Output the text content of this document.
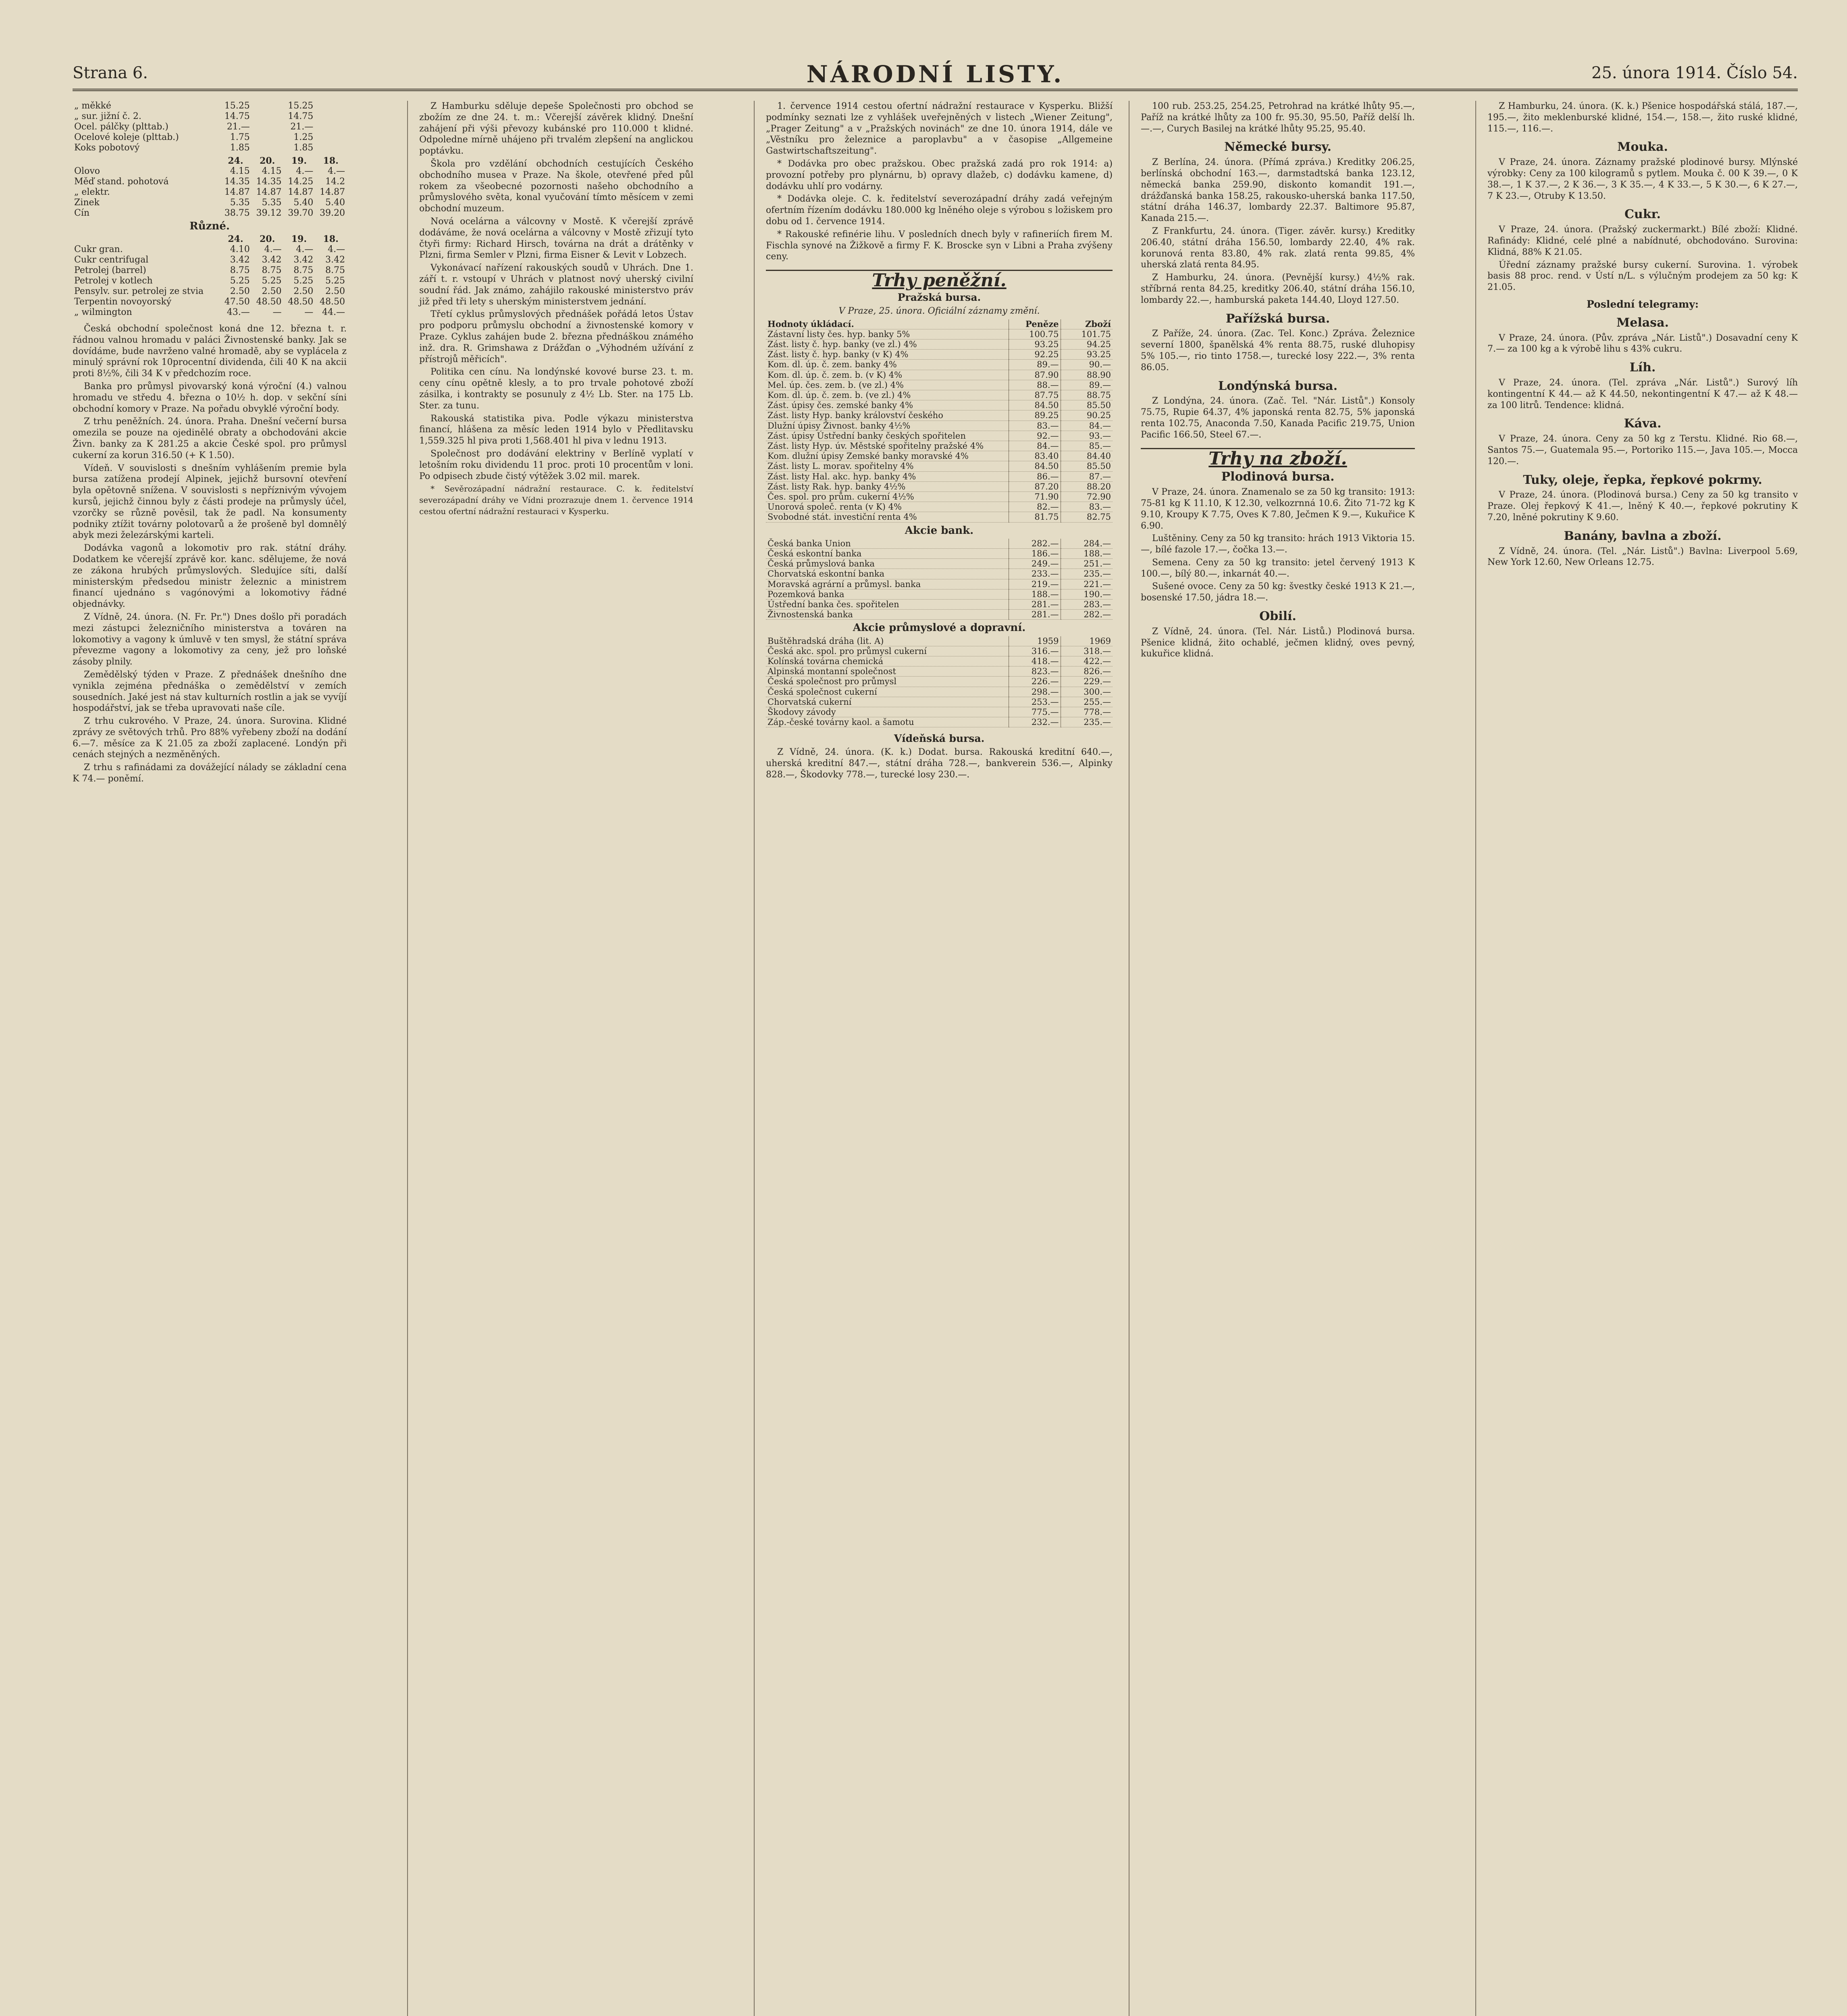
Strana 6.	NÁRODNÍ LISTY.	25. února 1914. Číslo 54.
„ měkké	15.25		15.25	
„ sur. jižní č. 2.	14.75		14.75	
Ocel. pálčky (plttab.)	21.—		21.—	
Ocelové koleje (plttab.)	1.75		1.25	
Koks pobotový	1.85		1.85	
	24.	20.	19.	18.
Olovo	4.15	4.15	4.—	4.—
Měď stand. pohotová	14.35	14.35	14.25	14.2
„ elektr.	14.87	14.87	14.87	14.87
Zinek	5.35	5.35	5.40	5.40
Cín	38.75	39.12	39.70	39.20
Různé.				
	24.	20.	19.	18.
Cukr gran.	4.10	4.—	4.—	4.—
Cukr centrifugal	3.42	3.42	3.42	3.42
Petrolej (barrel)	8.75	8.75	8.75	8.75
Petrolej v kotlech	5.25	5.25	5.25	5.25
Pensylv. sur. petrolej ze stvia	2.50	2.50	2.50	2.50
Terpentin novoyorský	47.50	48.50	48.50	48.50
„ wilmington	43.—	—	—	44.—

Česká obchodní společnost koná dne 12. března t. r. řádnou valnou hromadu v paláci Živnostenské banky. Jak se dovídáme, bude navrženo valné hromadě, aby se vyplácela z minulý správní rok 10procentní dividenda, čili 40 K na akcii proti 8½%, čili 34 K v předchozím roce.

Banka pro průmysl pivovarský koná výroční (4.) valnou hromadu ve středu 4. března o 10½ h. dop. v sekční síni obchodní komory v Praze. Na pořadu obvyklé výroční body.

Z trhu peněžních. 24. února. Praha. Dnešní večerní bursa omezila se pouze na ojedinělé obraty a obchodováni akcie Živn. banky za K 281.25 a akcie České spol. pro průmysl cukerní za korun 316.50 (+ K 1.50).

Vídeň. V souvislosti s dnešním vyhlášením premie byla bursa zatížena prodejí Alpinek, jejichž bursovní otevření byla opětovně snížena. V souvislosti s nepříznivým vývojem kursů, jejichž činnou byly z části prodeje na průmysly účel, vzorčky se různě pověsil, tak že padl. Na konsumenty podniky ztížit továrny polotovarů a že prošeně byl domnělý abyk mezi železárskými karteli.

Dodávka vagonů a lokomotiv pro rak. státní dráhy. Dodatkem ke včerejší zprávě kor. kanc. sdělujeme, že nová ze zákona hrubých průmyslových. Sledujíce síti, další ministerským předsedou ministr železnic a ministrem financí ujednáno s vagónovými a lokomotivy řádné objednávky.

Z Vídně, 24. února. (N. Fr. Pr.") Dnes došlo při poradách mezi zástupci železničního ministerstva a továren na lokomotivy a vagony k úmluvě v ten smysl, že státní správa převezme vagony a lokomotivy za ceny, jež pro loňské zásoby plnily.

Zemědělský týden v Praze. Z přednášek dnešního dne vynikla zejména přednáška o zemědělství v zemích sousedních. Jaké jest ná stav kulturních rostlin a jak se vyvíjí hospodářství, jak se třeba upravovati naše cíle.

Z trhu cukrového. V Praze, 24. února. Surovina. Klidné zprávy ze světových trhů. Pro 88% vyřebeny zboží na dodání 6.—7. měsíce za K 21.05 za zboží zaplacené. Londýn při cenách stejných a nezměněných.

Z trhu s rafinádami za dovážející nálady se základní cena K 74.— poněmí.

Z Hamburku sděluje depeše Společnosti pro obchod se zbožím ze dne 24. t. m.: Včerejší závěrek klidný. Dnešní zahájení při výši převozy kubánské pro 110.000 t klidné. Odpoledne mírně uhájeno při trvalém zlepšení na anglickou poptávku.

Škola pro vzdělání obchodních cestujících Českého obchodního musea v Praze. Na škole, otevřené před půl rokem za všeobecné pozornosti našeho obchodního a průmyslového světa, konal vyučování tímto měsícem v zemi obchodní muzeum.

Nová ocelárna a válcovny v Mostě. K včerejší zprávě dodáváme, že nová ocelárna a válcovny v Mostě zřizují tyto čtyři firmy: Richard Hirsch, továrna na drát a drátěnky v Plzni, firma Semler v Plzni, firma Eisner & Levit v Lobzech.

Vykonávací nařízení rakouských soudů v Uhrách. Dne 1. září t. r. vstoupí v Uhrách v platnost nový uherský civilní soudní řád. Jak známo, zahájilo rakouské ministerstvo práv již před tři lety s uherským ministerstvem jednání.

Třetí cyklus průmyslových přednášek pořádá letos Ústav pro podporu průmyslu obchodní a živnostenské komory v Praze. Cyklus zahájen bude 2. března přednáškou známého inž. dra. R. Grimshawa z Drážďan o „Výhodném užívání z přístrojů měřicích".

Politika cen cínu. Na londýnské kovové burse 23. t. m. ceny cínu opětně klesly, a to pro trvale pohotové zboží zásilka, i kontrakty se posunuly z 4½ Lb. Ster. na 175 Lb. Ster. za tunu.

Rakouská statistika piva. Podle výkazu ministerstva financí, hlášena za měsíc leden 1914 bylo v Předlitavsku 1,559.325 hl piva proti 1,568.401 hl piva v lednu 1913.

Společnost pro dodávání elektriny v Berlíně vyplatí v letošním roku dividendu 11 proc. proti 10 procentům v loni. Po odpisech zbude čistý výtěžek 3.02 mil. marek.

* Sevěrozápadní nádražní restaurace. C. k. ředitelství severozápadní dráhy ve Vídni prozrazuje dnem 1. července 1914 cestou ofertní nádražní restauraci v Kysperku.

1. července 1914 cestou ofertní nádražní restaurace v Kysperku. Bližší podmínky seznati lze z vyhlášek uveřejněných v listech „Wiener Zeitung", „Prager Zeitung" a v „Pražských novinách" ze dne 10. února 1914, dále ve „Věstníku pro železnice a paroplavbu" a v časopise „Allgemeine Gastwirtschaftszeitung".

* Dodávka pro obec pražskou. Obec pražská zadá pro rok 1914: a) provozní potřeby pro plynárnu, b) opravy dlažeb, c) dodávku kamene, d) dodávku uhlí pro vodárny.

* Dodávka oleje. C. k. ředitelství severozápadní dráhy zadá veřejným ofertním řízením dodávku 180.000 kg lněného oleje s výrobou s ložiskem pro dobu od 1. července 1914.

* Rakouské refinérie lihu. V posledních dnech byly v rafineriích firem M. Fischla synové na Žižkově a firmy F. K. Broscke syn v Libni a Praha zvýšeny ceny.

Trhy peněžní.
Pražská bursa.
V Praze, 25. února. Oficiální záznamy změní.
Hodnoty úkládací.	Peněze	Zboží
Zástavní listy čes. hyp. banky 5%	100.75	101.75
Zást. listy č. hyp. banky (ve zl.) 4%	93.25	94.25
Zást. listy č. hyp. banky (v K) 4%	92.25	93.25
Kom. dl. úp. č. zem. banky 4%	89.—	90.—
Kom. dl. úp. č. zem. b. (v K) 4%	87.90	88.90
Mel. úp. čes. zem. b. (ve zl.) 4%	88.—	89.—
Kom. dl. úp. č. zem. b. (ve zl.) 4%	87.75	88.75
Zást. úpisy čes. zemské banky 4%	84.50	85.50
Zást. listy Hyp. banky království českého	89.25	90.25
Dlužní úpisy Živnost. banky 4½%	83.—	84.—
Zást. úpisy Ústřední banky českých spořitelen	92.—	93.—
Zást. listy Hyp. úv. Městské spořitelny pražské 4%	84.—	85.—
Kom. dlužní úpisy Zemské banky moravské 4%	83.40	84.40
Zást. listy L. morav. spořitelny 4%	84.50	85.50
Zást. listy Hal. akc. hyp. banky 4%	86.—	87.—
Zást. listy Rak. hyp. banky 4½%	87.20	88.20
Čes. spol. pro prům. cukerní 4½%	71.90	72.90
Unorová společ. renta (v K) 4%	82.—	83.—
Svobodné stát. investiční renta 4%	81.75	82.75
Akcie bank.		
Česká banka Union	282.—	284.—
Česká eskontní banka	186.—	188.—
Česká průmyslová banka	249.—	251.—
Chorvatská eskontní banka	233.—	235.—
Moravská agrární a průmysl. banka	219.—	221.—
Pozemková banka	188.—	190.—
Ústřední banka čes. spořitelen	281.—	283.—
Živnostenská banka	281.—	282.—
Akcie průmyslové a dopravní.		
Buštěhradská dráha (lit. A)	1959	1969
Česká akc. spol. pro průmysl cukerní	316.—	318.—
Kolínská továrna chemická	418.—	422.—
Alpinská montanní společnost	823.—	826.—
Česká společnost pro průmysl	226.—	229.—
Česká společnost cukerní	298.—	300.—
Chorvatská cukerní	253.—	255.—
Škodovy závody	775.—	778.—
Záp.-české továrny kaol. a šamotu	232.—	235.—
Vídeňská bursa.

Z Vídně, 24. února. (K. k.) Dodat. bursa. Rakouská kreditní 640.—, uherská kreditní 847.—, státní dráha 728.—, bankverein 536.—, Alpinky 828.—, Škodovky 778.—, turecké losy 230.—.

100 rub. 253.25, 254.25, Petrohrad na krátké lhůty 95.—, Paříž na krátké lhůty za 100 fr. 95.30, 95.50, Paříž delší lh. —.—, Curych Basilej na krátké lhůty 95.25, 95.40.

Německé bursy.

Z Berlína, 24. února. (Přímá zpráva.) Kreditky 206.25, berlínská obchodní 163.—, darmstadtská banka 123.12, německá banka 259.90, diskonto komandit 191.—, drážďanská banka 158.25, rakousko-uherská banka 117.50, státní dráha 146.37, lombardy 22.37. Baltimore 95.87, Kanada 215.—.

Z Frankfurtu, 24. února. (Tiger. závěr. kursy.) Kreditky 206.40, státní dráha 156.50, lombardy 22.40, 4% rak. korunová renta 83.80, 4% rak. zlatá renta 99.85, 4% uherská zlatá renta 84.95.

Z Hamburku, 24. února. (Pevnější kursy.) 4½% rak. stříbrná renta 84.25, kreditky 206.40, státní dráha 156.10, lombardy 22.—, hamburská paketa 144.40, Lloyd 127.50.

Pařížská bursa.

Z Paříže, 24. února. (Zac. Tel. Konc.) Zpráva. Železnice severní 1800, španělská 4% renta 88.75, ruské dluhopisy 5% 105.—, rio tinto 1758.—, turecké losy 222.—, 3% renta 86.05.

Londýnská bursa.

Z Londýna, 24. února. (Zač. Tel. "Nár. Listů".) Konsoly 75.75, Rupie 64.37, 4% japonská renta 82.75, 5% japonská renta 102.75, Anaconda 7.50, Kanada Pacific 219.75, Union Pacific 166.50, Steel 67.—.

Trhy na zboží.
Plodinová bursa.

V Praze, 24. února. Znamenalo se za 50 kg transito: 1913: 75-81 kg K 11.10, K 12.30, velkozrnná 10.6. Žito 71-72 kg K 9.10, Kroupy K 7.75, Oves K 7.80, Ječmen K 9.—, Kukuřice K 6.90.

Luštěniny. Ceny za 50 kg transito: hrách 1913 Viktoria 15.—, bílé fazole 17.—, čočka 13.—.

Semena. Ceny za 50 kg transito: jetel červený 1913 K 100.—, bílý 80.—, inkarnát 40.—.

Sušené ovoce. Ceny za 50 kg: švestky české 1913 K 21.—, bosenské 17.50, jádra 18.—.

Obilí.

Z Vídně, 24. února. (Tel. Nár. Listů.) Plodinová bursa. Pšenice klidná, žito ochablé, ječmen klidný, oves pevný, kukuřice klidná.

Z Hamburku, 24. února. (K. k.) Pšenice hospodářská stálá, 187.—, 195.—, žito meklenburské klidné, 154.—, 158.—, žito ruské klidné, 115.—, 116.—.

Mouka.

V Praze, 24. února. Záznamy pražské plodinové bursy. Mlýnské výrobky: Ceny za 100 kilogramů s pytlem. Mouka č. 00 K 39.—, 0 K 38.—, 1 K 37.—, 2 K 36.—, 3 K 35.—, 4 K 33.—, 5 K 30.—, 6 K 27.—, 7 K 23.—, Otruby K 13.50.

Cukr.

V Praze, 24. února. (Pražský zuckermarkt.) Bílé zboží: Klidné. Rafinády: Klidné, celé plné a nabídnuté, obchodováno. Surovina: Klidná, 88% K 21.05.

Úřední záznamy pražské bursy cukerní. Surovina. 1. výrobek basis 88 proc. rend. v Ústí n/L. s výlučným prodejem za 50 kg: K 21.05.

Poslední telegramy:
Melasa.

V Praze, 24. února. (Pův. zpráva „Nár. Listů".) Dosavadní ceny K 7.— za 100 kg a k výrobě lihu s 43% cukru.

Líh.

V Praze, 24. února. (Tel. zpráva „Nár. Listů".) Surový líh kontingentní K 44.— až K 44.50, nekontingentní K 47.— až K 48.— za 100 litrů. Tendence: klidná.

Káva.

V Praze, 24. února. Ceny za 50 kg z Terstu. Klidné. Rio 68.—, Santos 75.—, Guatemala 95.—, Portoriko 115.—, Java 105.—, Mocca 120.—.

Tuky, oleje, řepka, řepkové pokrmy.

V Praze, 24. února. (Plodinová bursa.) Ceny za 50 kg transito v Praze. Olej řepkový K 41.—, lněný K 40.—, řepkové pokrutiny K 7.20, lněné pokrutiny K 9.60.

Banány, bavlna a zboží.

Z Vídně, 24. února. (Tel. „Nár. Listů".) Bavlna: Liverpool 5.69, New York 12.60, New Orleans 12.75.
